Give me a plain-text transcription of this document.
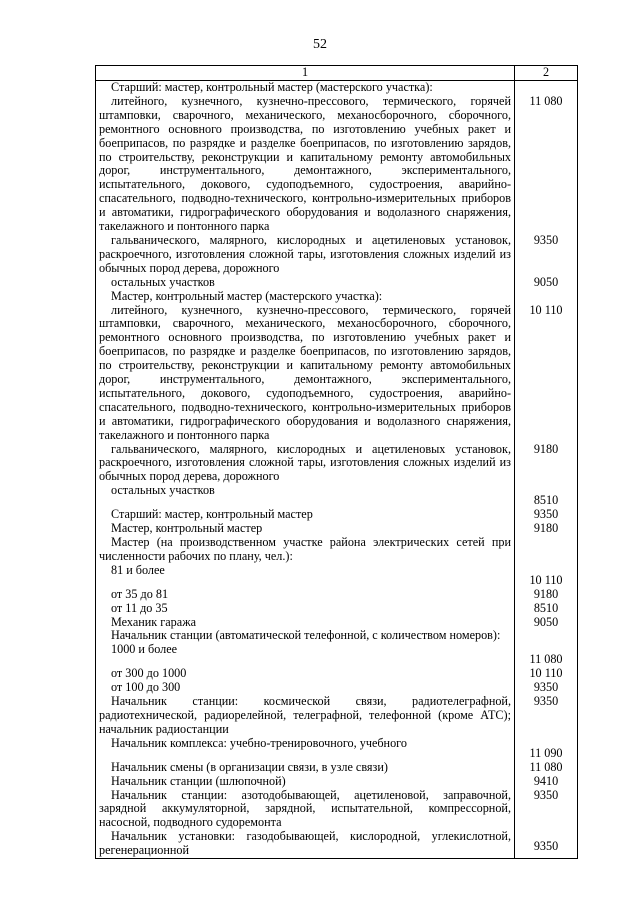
52
1	2
Старший: мастер, контрольный мастер (мастерского участка):	
литейного, кузнечного, кузнечно-прессового, термического, горячей штамповки, сварочного, механического, механосборочного, сборочного, ремонтного основного производства, по изготовлению учебных ракет и боеприпасов, по разрядке и разделке боеприпасов, по изготовлению зарядов, по строительству, реконструкции и капитальному ремонту автомобильных дорог, инструментального, демонтажного, экспериментального, испытательного, докового, судоподъемного, судостроения, аварийно-спасательного, подводно-технического, контрольно-измерительных приборов и автоматики, гидрографического оборудования и водолазного снаряжения, такелажного и понтонного парка	11 080
гальванического, малярного, кислородных и ацетиленовых установок, раскроечного, изготовления сложной тары, изготовления сложных изделий из обычных пород дерева, дорожного	9350
остальных участков	9050
Мастер, контрольный мастер (мастерского участка):	
литейного, кузнечного, кузнечно-прессового, термического, горячей штамповки, сварочного, механического, механосборочного, сборочного, ремонтного основного производства, по изготовлению учебных ракет и боеприпасов, по разрядке и разделке боеприпасов, по изготовлению зарядов, по строительству, реконструкции и капитальному ремонту автомобильных дорог, инструментального, демонтажного, экспериментального, испытательного, докового, судоподъемного, судостроения, аварийно-спасательного, подводно-технического, контрольно-измерительных приборов и автоматики, гидрографического оборудования и водолазного снаряжения, такелажного и понтонного парка	10 110
гальванического, малярного, кислородных и ацетиленовых установок, раскроечного, изготовления сложной тары, изготовления сложных изделий из обычных пород дерева, дорожного	9180
остальных участков	8510
Старший: мастер, контрольный мастер	9350
Мастер, контрольный мастер	9180
Мастер (на производственном участке района электрических сетей при численности рабочих по плану, чел.):	
81 и более	10 110
от 35 до 81	9180
от 11 до 35	8510
Механик гаража	9050
Начальник станции (автоматической телефонной, с количеством номеров):	
1000 и более	11 080
от 300 до 1000	10 110
от 100 до 300	9350
Начальник станции: космической связи, радиотелеграфной, радиотехнической, радиорелейной, телеграфной, телефонной (кроме АТС); начальник радиостанции	9350
Начальник комплекса: учебно-тренировочного, учебного	11 090
Начальник смены (в организации связи, в узле связи)	11 080
Начальник станции (шлюпочной)	9410
Начальник станции: азотодобывающей, ацетиленовой, заправочной, зарядной аккумуляторной, зарядной, испытательной, компрессорной, насосной, подводного судоремонта	9350
Начальник установки: газодобывающей, кислородной, углекислотной, регенерационной	9350
